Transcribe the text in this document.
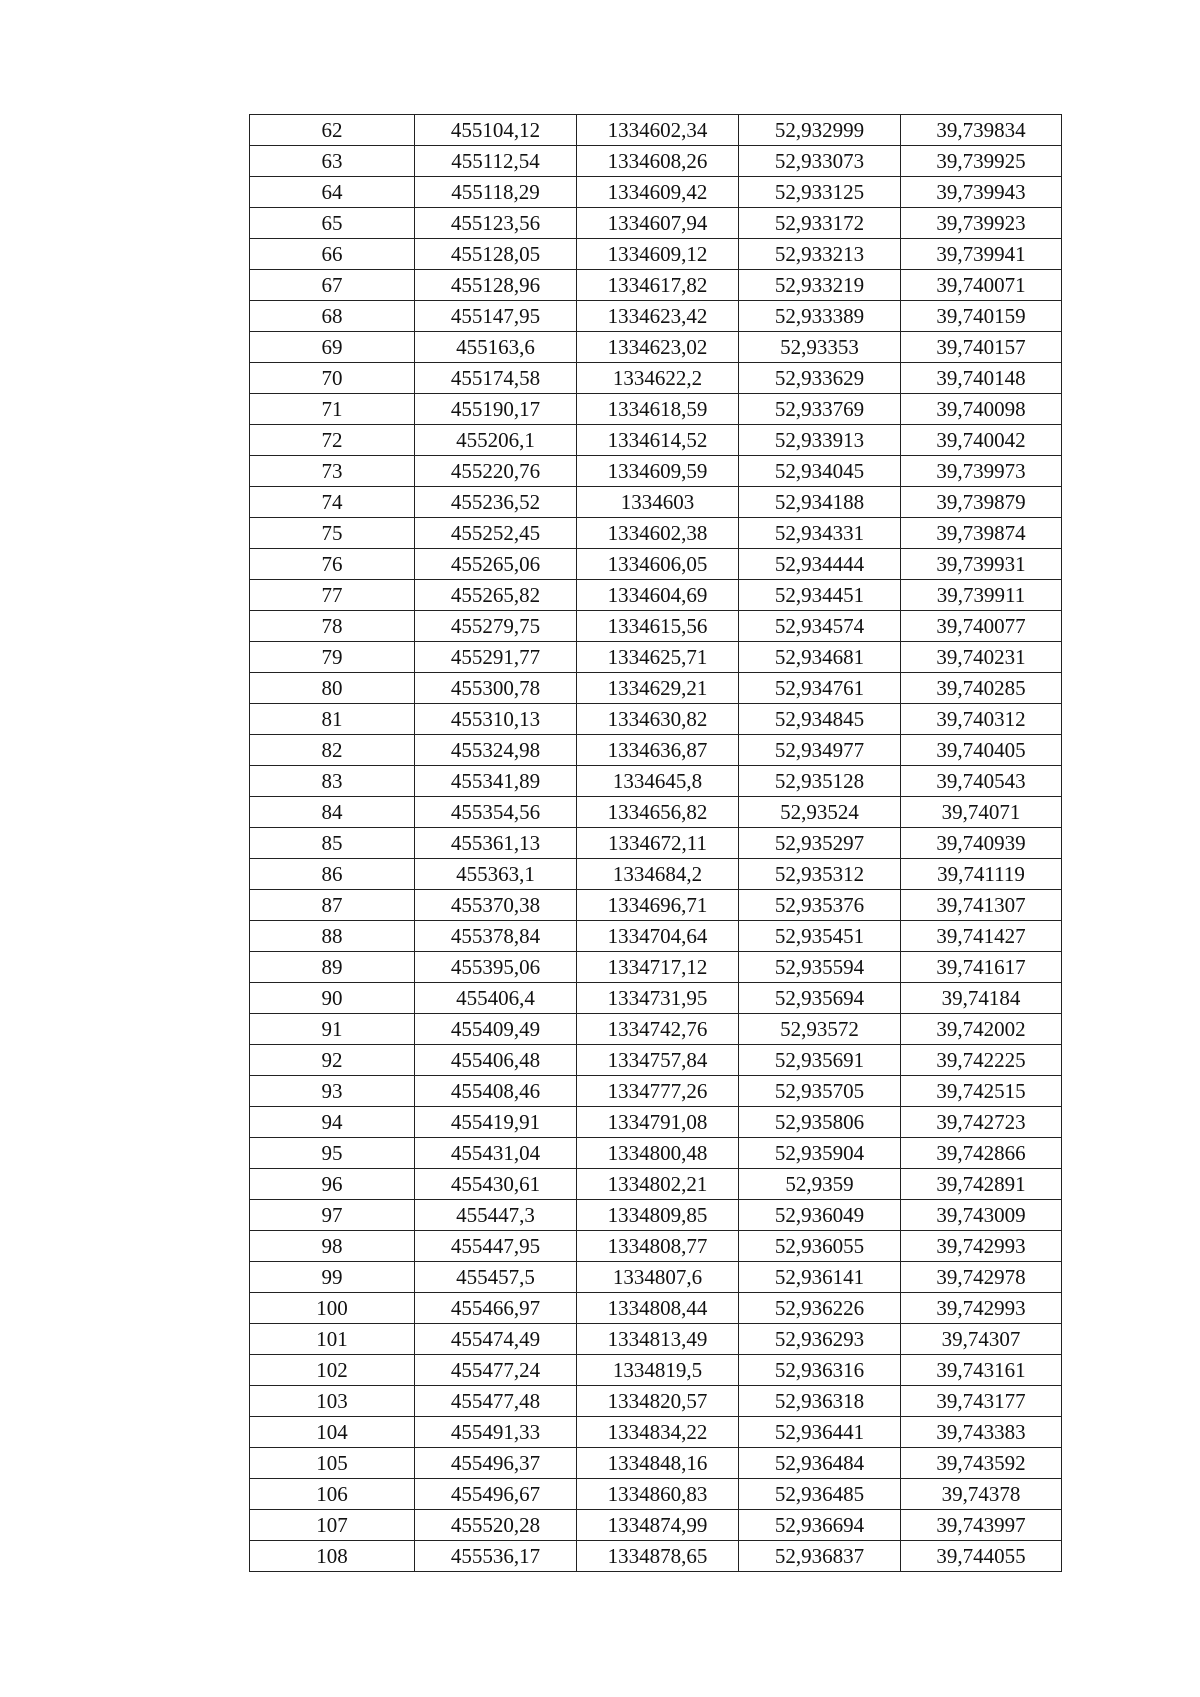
62	455104,12	1334602,34	52,932999	39,739834
63	455112,54	1334608,26	52,933073	39,739925
64	455118,29	1334609,42	52,933125	39,739943
65	455123,56	1334607,94	52,933172	39,739923
66	455128,05	1334609,12	52,933213	39,739941
67	455128,96	1334617,82	52,933219	39,740071
68	455147,95	1334623,42	52,933389	39,740159
69	455163,6	1334623,02	52,93353	39,740157
70	455174,58	1334622,2	52,933629	39,740148
71	455190,17	1334618,59	52,933769	39,740098
72	455206,1	1334614,52	52,933913	39,740042
73	455220,76	1334609,59	52,934045	39,739973
74	455236,52	1334603	52,934188	39,739879
75	455252,45	1334602,38	52,934331	39,739874
76	455265,06	1334606,05	52,934444	39,739931
77	455265,82	1334604,69	52,934451	39,739911
78	455279,75	1334615,56	52,934574	39,740077
79	455291,77	1334625,71	52,934681	39,740231
80	455300,78	1334629,21	52,934761	39,740285
81	455310,13	1334630,82	52,934845	39,740312
82	455324,98	1334636,87	52,934977	39,740405
83	455341,89	1334645,8	52,935128	39,740543
84	455354,56	1334656,82	52,93524	39,74071
85	455361,13	1334672,11	52,935297	39,740939
86	455363,1	1334684,2	52,935312	39,741119
87	455370,38	1334696,71	52,935376	39,741307
88	455378,84	1334704,64	52,935451	39,741427
89	455395,06	1334717,12	52,935594	39,741617
90	455406,4	1334731,95	52,935694	39,74184
91	455409,49	1334742,76	52,93572	39,742002
92	455406,48	1334757,84	52,935691	39,742225
93	455408,46	1334777,26	52,935705	39,742515
94	455419,91	1334791,08	52,935806	39,742723
95	455431,04	1334800,48	52,935904	39,742866
96	455430,61	1334802,21	52,9359	39,742891
97	455447,3	1334809,85	52,936049	39,743009
98	455447,95	1334808,77	52,936055	39,742993
99	455457,5	1334807,6	52,936141	39,742978
100	455466,97	1334808,44	52,936226	39,742993
101	455474,49	1334813,49	52,936293	39,74307
102	455477,24	1334819,5	52,936316	39,743161
103	455477,48	1334820,57	52,936318	39,743177
104	455491,33	1334834,22	52,936441	39,743383
105	455496,37	1334848,16	52,936484	39,743592
106	455496,67	1334860,83	52,936485	39,74378
107	455520,28	1334874,99	52,936694	39,743997
108	455536,17	1334878,65	52,936837	39,744055
